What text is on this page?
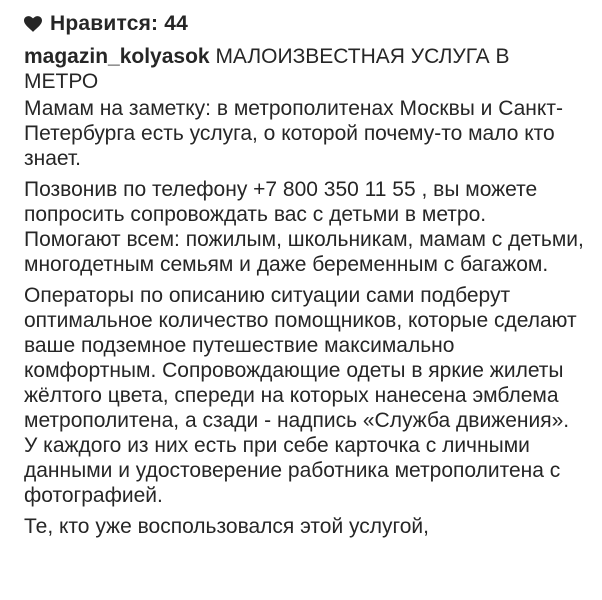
Нравится: 44

magazin_kolyasok МАЛОИЗВЕСТНАЯ УСЛУГА В МЕТРО

Мамам на заметку: в метрополитенах Москвы и Санкт-Петербурга есть услуга, о которой почему-то мало кто знает.

Позвонив по телефону +7 800 350 11 55 , вы можете попросить сопровождать вас с детьми в метро. Помогают всем: пожилым, школьникам, мамам с детьми, многодетным семьям и даже беременным с багажом.

Операторы по описанию ситуации сами подберут оптимальное количество помощников, которые сделают ваше подземное путешествие максимально комфортным. Сопровождающие одеты в яркие жилеты жёлтого цвета, спереди на которых нанесена эмблема метрополитена, а сзади - надпись «Служба движения». У каждого из них есть при себе карточка с личными данными и удостоверение работника метрополитена с фотографией.

Те, кто уже воспользовался этой услугой,
